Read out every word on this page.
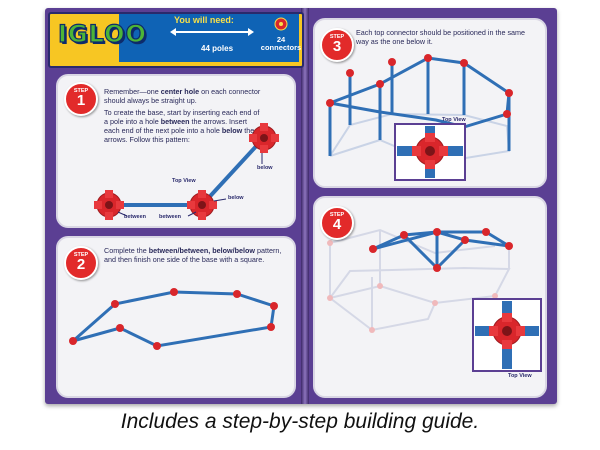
IGLOO	You will need:
44 poles
24
connectors
STEP
1
STEP
2
STEP
3
STEP
4
Remember—one center hole on each connector should always be straight up.
To create the base, start by inserting each end of a pole into a hole between the arrows. Insert each end of the next pole into a hole below the arrows. Follow this pattern:
Top View
between between
below
below
Complete the between/between, below/below pattern, and then finish one side of the base with a square.
Each top connector should be positioned in the same way as the one below it.
Top View
Top View
Includes a step-by-step building guide.
